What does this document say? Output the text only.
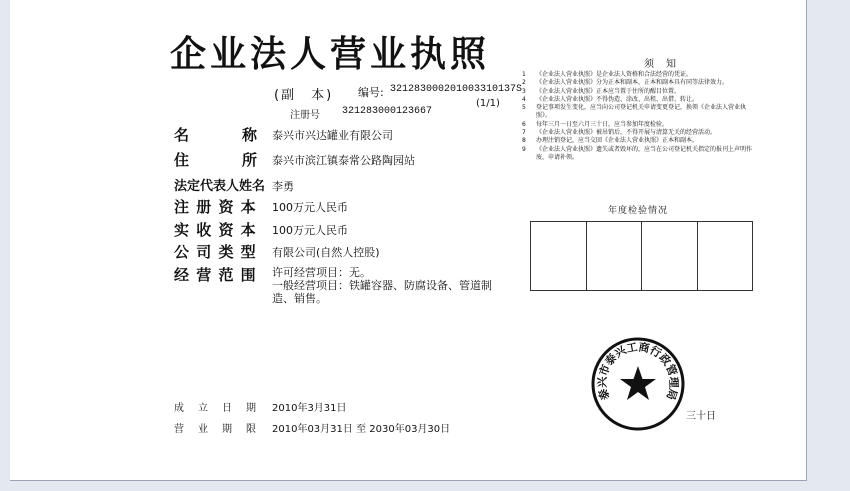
企业法人营业执照
(副　本) 编号: 321283000201003310137S
(1/1)
注册号 321283000123667
名	称 泰兴市兴达罐业有限公司
住	所 泰兴市滨江镇泰常公路陶园站
法定代表人姓名 李勇
注 册 资 本 100万元人民币
实 收 资 本 100万元人民币
公 司 类 型 有限公司(自然人控股)
经 营 范 围 许可经营项目：无。
一般经营项目：铁罐容器、防腐设备、管道制造、销售。
成 立 日 期 2010年3月31日
营 业 期 限 2010年03月31日 至 2030年03月30日
须知
1	《企业法人营业执照》是企业法人资格和合法经营的凭证。
2	《企业法人营业执照》分为正本和副本，正本和副本具有同等法律效力。
3	《企业法人营业执照》正本应当置于住所的醒目位置。
4	《企业法人营业执照》不得伪造、涂改、出租、出借、转让。
5	登记事项发生变化，应当向公司登记机关申请变更登记，换领《企业法人营业执照》。
6	每年三月一日至六月三十日，应当参加年度检验。
7	《企业法人营业执照》被吊销后，不得开展与清算无关的经营活动。
8	办理注销登记，应当交回《企业法人营业执照》正本和副本。
9	《企业法人营业执照》遗失或者毁坏的，应当在公司登记机关指定的报刊上声明作废，申请补领。
年度检验情况
泰兴市泰兴工商行政管理局
三十日
